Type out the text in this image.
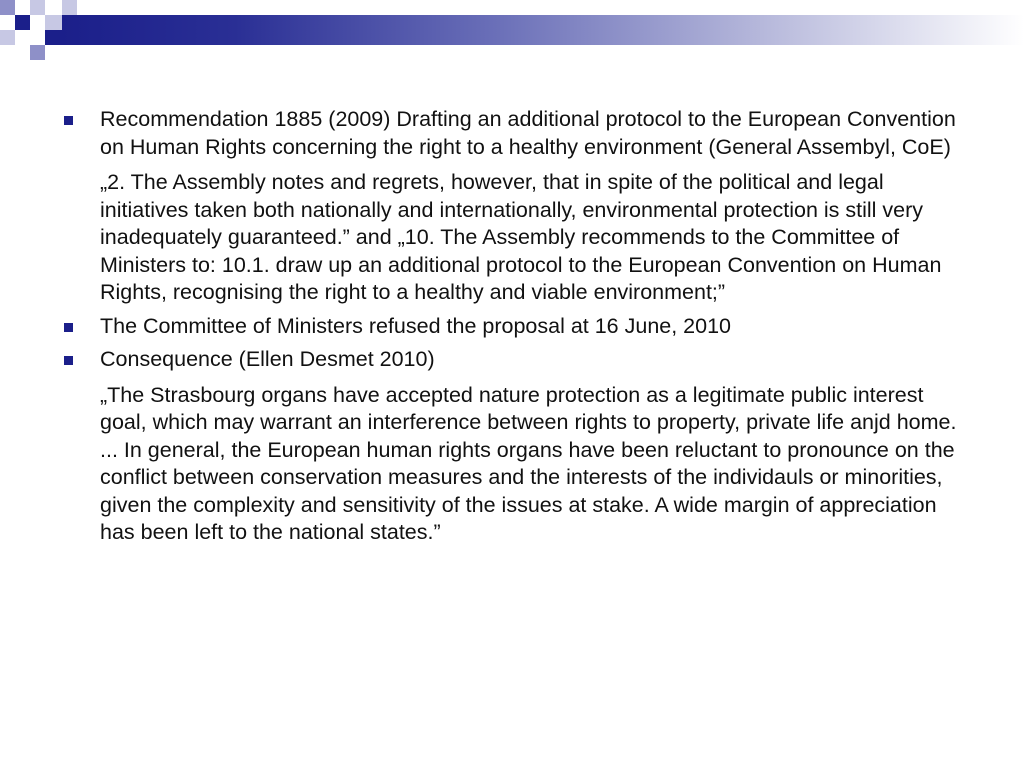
Recommendation 1885 (2009) Drafting an additional protocol to the European Convention on Human Rights concerning the right to a healthy environment (General Assembyl, CoE)
„2. The Assembly notes and regrets, however, that in spite of the political and legal initiatives taken both nationally and internationally, environmental protection is still very inadequately guaranteed.” and „10. The Assembly recommends to the Committee of Ministers to: 10.1. draw up an additional protocol to the European Convention on Human Rights, recognising the right to a healthy and viable environment;”
The Committee of Ministers refused the proposal at 16 June, 2010
Consequence (Ellen Desmet 2010)
„The Strasbourg organs have accepted nature protection as a legitimate public interest goal, which may warrant an interference between rights to property, private life anjd home. ... In general, the European human rights organs have been reluctant to pronounce on the conflict between conservation measures and the interests of the individauls or minorities, given the complexity and sensitivity of the issues at stake. A wide margin of appreciation has been left to the national states.”
